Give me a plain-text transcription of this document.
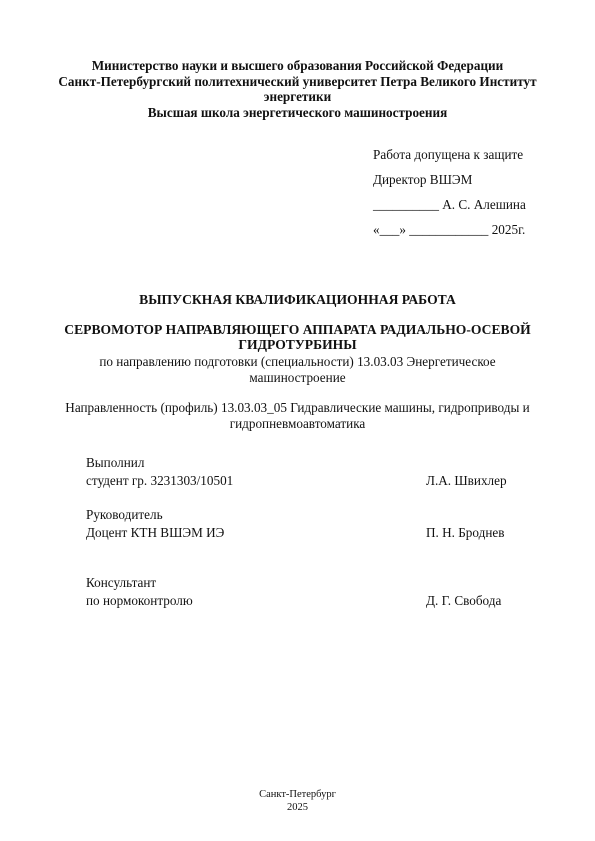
Министерство науки и высшего образования Российской Федерации
Санкт-Петербургский политехнический университет Петра Великого Институт
энергетики
Высшая школа энергетического машиностроения
Работа допущена к защите
Директор ВШЭМ
__________ А. С. Алешина
«___» ____________ 2025г.
ВЫПУСКНАЯ КВАЛИФИКАЦИОННАЯ РАБОТА
СЕРВОМОТОР НАПРАВЛЯЮЩЕГО АППАРАТА РАДИАЛЬНО-ОСЕВОЙ
ГИДРОТУРБИНЫ
по направлению подготовки (специальности) 13.03.03 Энергетическое
машиностроение
Направленность (профиль) 13.03.03_05 Гидравлические машины, гидроприводы и
гидропневмоавтоматика
Выполнил
студент гр. 3231303/10501	Л.А. Швихлер
Руководитель
Доцент КТН ВШЭМ ИЭ	П. Н. Броднев
Консультант
по нормоконтролю	Д. Г. Свобода
Санкт-Петербург
2025
